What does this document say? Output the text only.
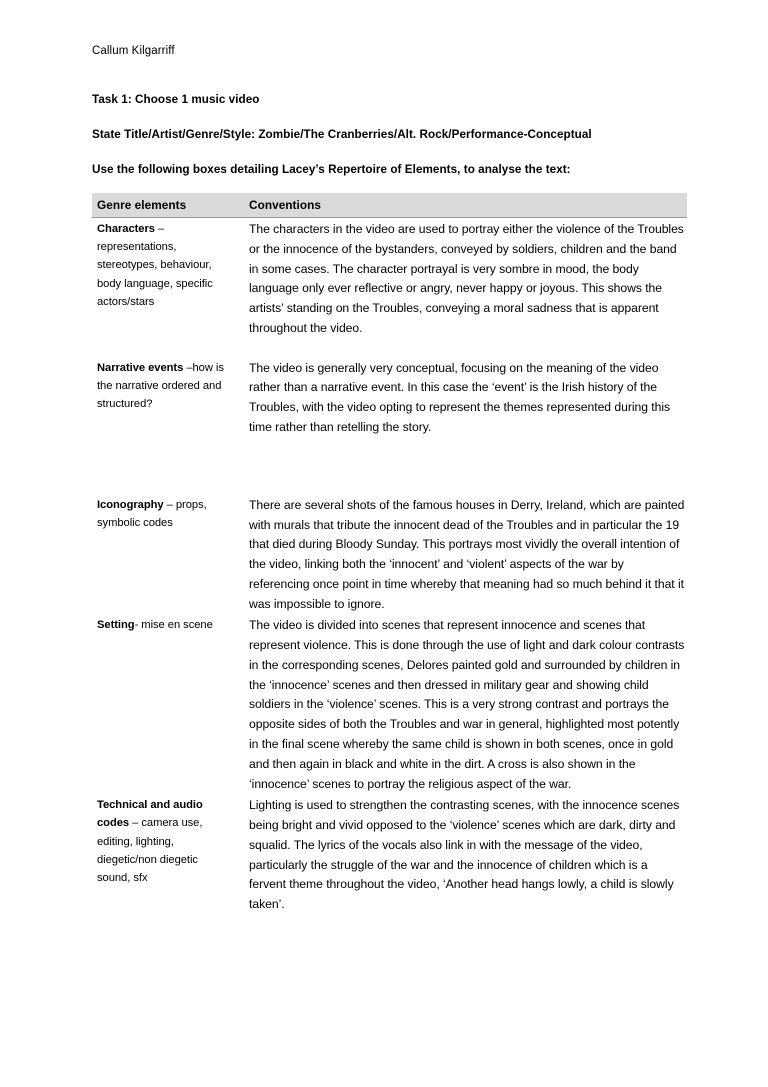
Callum Kilgarriff
Task 1: Choose 1 music video
State Title/Artist/Genre/Style: Zombie/The Cranberries/Alt. Rock/Performance-Conceptual
Use the following boxes detailing Lacey’s Repertoire of Elements, to analyse the text:
Genre elements	Conventions
Characters – representations, stereotypes, behaviour, body language, specific actors/stars	The characters in the video are used to portray either the violence of the Troubles or the innocence of the bystanders, conveyed by soldiers, children and the band in some cases. The character portrayal is very sombre in mood, the body language only ever reflective or angry, never happy or joyous. This shows the artists’ standing on the Troubles, conveying a moral sadness that is apparent throughout the video.

Narrative events –how is the narrative ordered and structured?	The video is generally very conceptual, focusing on the meaning of the video rather than a narrative event. In this case the ‘event’ is the Irish history of the Troubles, with the video opting to represent the themes represented during this time rather than retelling the story.

Iconography – props, symbolic codes	There are several shots of the famous houses in Derry, Ireland, which are painted with murals that tribute the innocent dead of the Troubles and in particular the 19 that died during Bloody Sunday. This portrays most vividly the overall intention of the video, linking both the ‘innocent’ and ‘violent’ aspects of the war by referencing once point in time whereby that meaning had so much behind it that it was impossible to ignore.
Setting- mise en scene	The video is divided into scenes that represent innocence and scenes that represent violence. This is done through the use of light and dark colour contrasts in the corresponding scenes, Delores painted gold and surrounded by children in the ‘innocence’ scenes and then dressed in military gear and showing child soldiers in the ‘violence’ scenes. This is a very strong contrast and portrays the opposite sides of both the Troubles and war in general, highlighted most potently in the final scene whereby the same child is shown in both scenes, once in gold and then again in black and white in the dirt. A cross is also shown in the ‘innocence’ scenes to portray the religious aspect of the war.
Technical and audio codes – camera use, editing, lighting, diegetic/non diegetic sound, sfx	Lighting is used to strengthen the contrasting scenes, with the innocence scenes being bright and vivid opposed to the ‘violence’ scenes which are dark, dirty and squalid. The lyrics of the vocals also link in with the message of the video, particularly the struggle of the war and the innocence of children which is a fervent theme throughout the video, ‘Another head hangs lowly, a child is slowly taken’.
